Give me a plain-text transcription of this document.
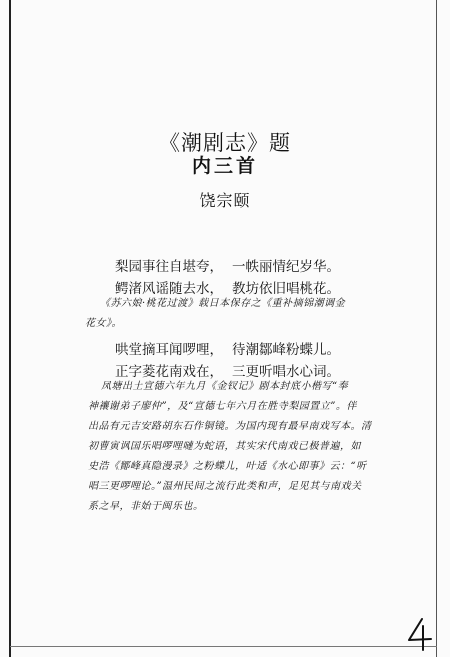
《潮剧志》题
内三首
饶宗颐
梨园事往自堪夸， 一帙丽情纪岁华。
鳄渚风谣随去水， 教坊依旧唱桃花。
《苏六娘·桃花过渡》载日本保存之《重补摘锦潮调金
花女》。
哄堂摘耳闻啰哩， 待潮鄒峰粉蝶儿。
正字菱花南戏在， 三更听唱水心词。
凤塘出土宣德六年九月《金钗记》剧本封底小楷写“奉
神禳谢弟子廖仲”，及“宣德七年六月在胜寺梨园置立”。伴
出品有元吉安路胡东石作铜镜。为国内现有最早南戏写本。清
初曹寅讽国乐唱啰哩嗹为蛇语，其实宋代南戏已极普遍，如
史浩《鄮峰真隐漫录》之粉蝶儿，叶适《水心即事》云：“听
唱三更啰哩论。”温州民间之流行此类和声，足见其与南戏关
系之早，非始于闽乐也。
